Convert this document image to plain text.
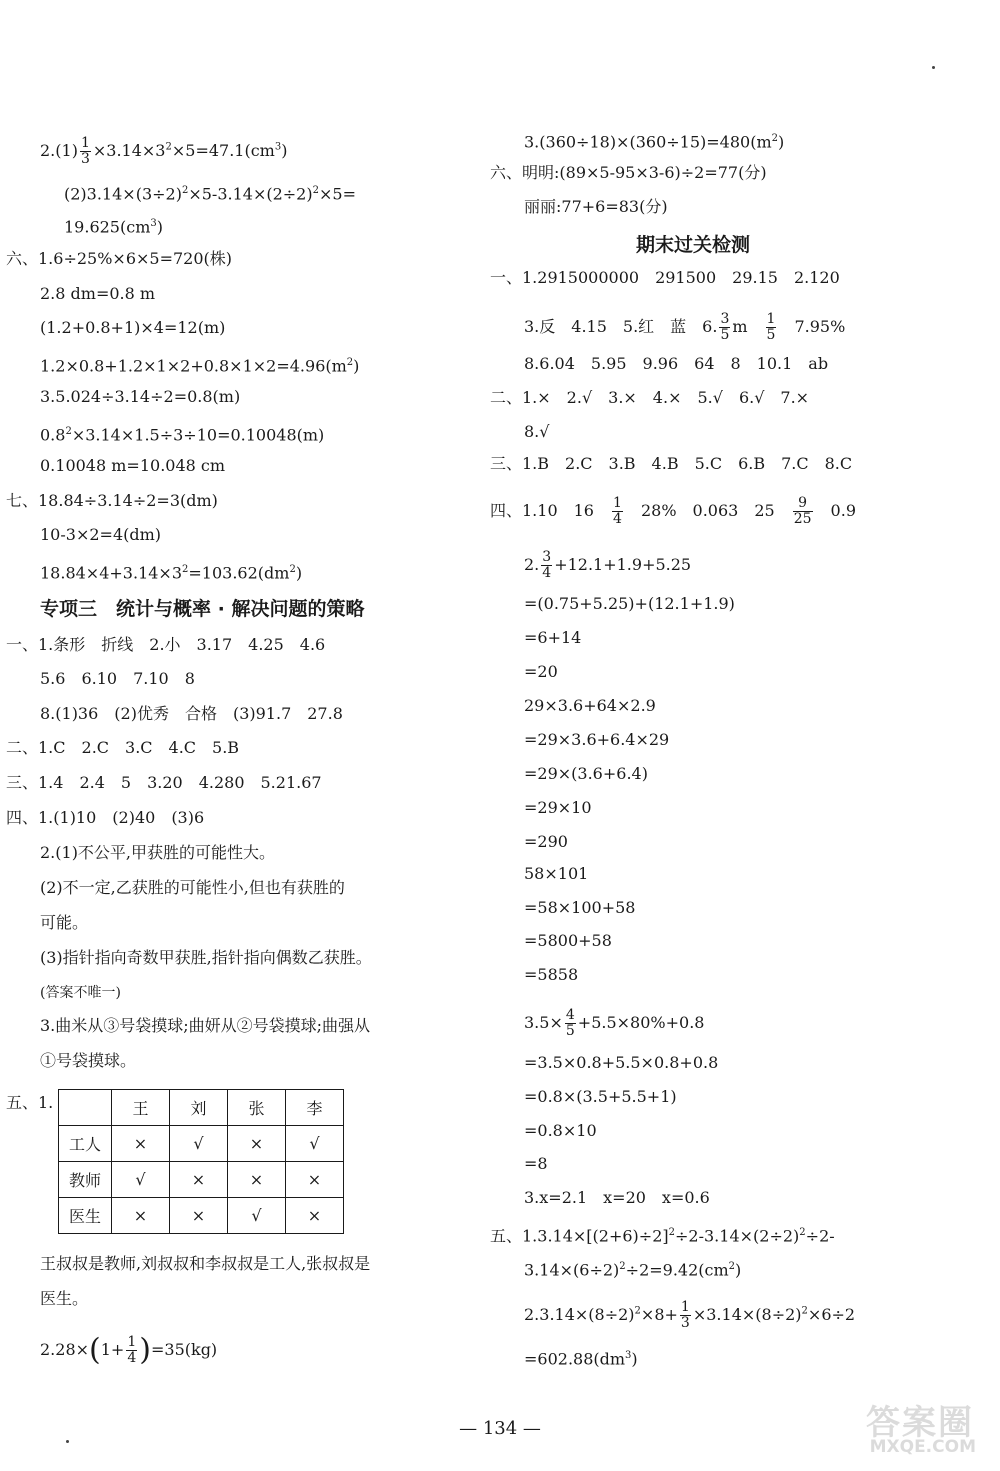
$2.(1) \frac{1}{3} \times 3.14\times 3^2\times 5=47.1(cm^3)$
$(2)3.14\times(3\div 2)^2\times 5-3.14\times(2\div 2)^2\times 5=$
$19.625(cm^3)$
六、1.6÷25%×6×5=720(株)
2.8 dm=0.8 m
(1.2+0.8+1)×4=12(m)
$1.2\times 0.8+1.2\times 1\times 2+0.8\times 1\times 2=4.96(m^2)$
3.5.024÷3.14÷2=0.8(m)
$0.8^2\times 3.14\times 1.5\div 3\div 10=0.10048(m)$
0.10048 m=10.048 cm
七、18.84÷3.14÷2=3(dm)
10-3×2=4(dm)
$18.84\times 4+3.14\times 3^2=103.62(dm^2)$
专项三　统计与概率 · 解决问题的策略
一、1.条形　折线　2.小　3.17　4.25　4.6
5.6　6.10　7.10　8
8.(1)36　(2)优秀　合格　(3)91.7　27.8
二、1.C　2.C　3.C　4.C　5.B
三、1.4　2.4　5　3.20　4.280　5.21.67
四、1.(1)10　(2)40　(3)6
2.(1)不公平,甲获胜的可能性大。
(2)不一定,乙获胜的可能性小,但也有获胜的
可能。
(3)指针指向奇数甲获胜,指针指向偶数乙获胜。
(答案不唯一)
3.曲米从③号袋摸球;曲妍从②号袋摸球;曲强从
①号袋摸球。
五、1.
		王	刘	张	李
工人	×	√	×	√
教师	√	×	×	×
医生	×	×	√	×
王叔叔是教师,刘叔叔和李叔叔是工人,张叔叔是
医生。
$2.28\times(1+ \frac{1}{4} )=35(kg)$
$3.(360\div 18)\times(360\div 15)=480(m^2)$
六、明明:(89×5-95×3-6)÷2=77(分)
丽丽:77+6=83(分)
期末过关检测
一、1.2915000000　291500　29.15　2.120
3.反　4.15　5.红　蓝　6. $\frac{3}{5}$ m　 $\frac{1}{5}$
　 7.95%
8.6.04　5.95　9.96　64　8　10.1　ab
二、1.×　2.√　3.×　4.×　5.√　6.√　7.×
8.√
三、1.B　2.C　3.B　4.B　5.C　6.B　7.C　8.C
四、1.10　16　 $\frac{1}{4}$
　 28%　0.063　25　 $\frac{9}{25}$
　 0.9
2. $\frac{3}{4} +12.1+1.9+5.25$
=(0.75+5.25)+(12.1+1.9)
=6+14
=20
29×3.6+64×2.9
=29×3.6+6.4×29
=29×(3.6+6.4)
=29×10
=290
58×101
=58×100+58
=5800+58
=5858
$3.5\times \frac{4}{5} +5.5\times 80\%+0.8$
=3.5×0.8+5.5×0.8+0.8
=0.8×(3.5+5.5+1)
=0.8×10
=8
3.x=2.1　x=20　x=0.6
五、$1.3.14\times[(2+6)\div 2]^2\div 2-3.14\times(2\div 2)^2\div 2-$
$3.14\times(6\div 2)^2\div 2=9.42(cm^2)$
$2.3.14\times(8\div 2)^2\times 8+ \frac{1}{3} \times 3.14\times(8\div 2)^2\times 6\div 2$
$=602.88(dm^3)$
— 134 —	答案圈
MXQE.COM
